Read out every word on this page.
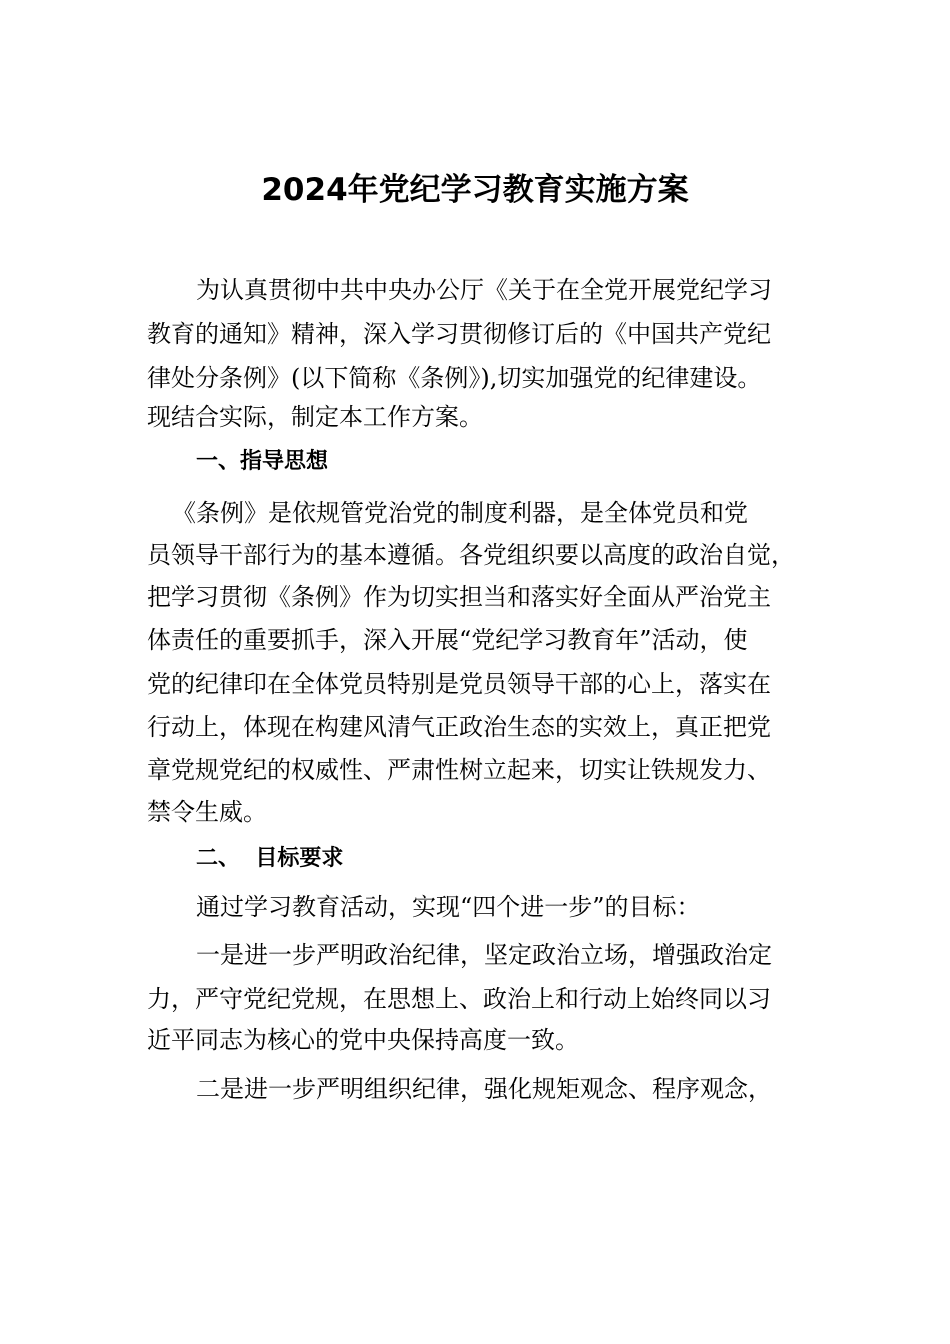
2024年党纪学习教育实施方案
为认真贯彻中共中央办公厅《关于在全党开展党纪学习
教育的通知》精神，深入学习贯彻修订后的《中国共产党纪
律处分条例》(以下简称《条例》),切实加强党的纪律建设。
现结合实际，制定本工作方案。
一、指导思想
《条例》是依规管党治党的制度利器，是全体党员和党
员领导干部行为的基本遵循。各党组织要以高度的政治自觉，
把学习贯彻《条例》作为切实担当和落实好全面从严治党主
体责任的重要抓手，深入开展“党纪学习教育年”活动，使
党的纪律印在全体党员特别是党员领导干部的心上，落实在
行动上，体现在构建风清气正政治生态的实效上，真正把党
章党规党纪的权威性、严肃性树立起来，切实让铁规发力、
禁令生威。
二、  目标要求
通过学习教育活动，实现“四个进一步”的目标：
一是进一步严明政治纪律，坚定政治立场，增强政治定
力，严守党纪党规，在思想上、政治上和行动上始终同以习
近平同志为核心的党中央保持高度一致。
二是进一步严明组织纪律，强化规矩观念、程序观念，
